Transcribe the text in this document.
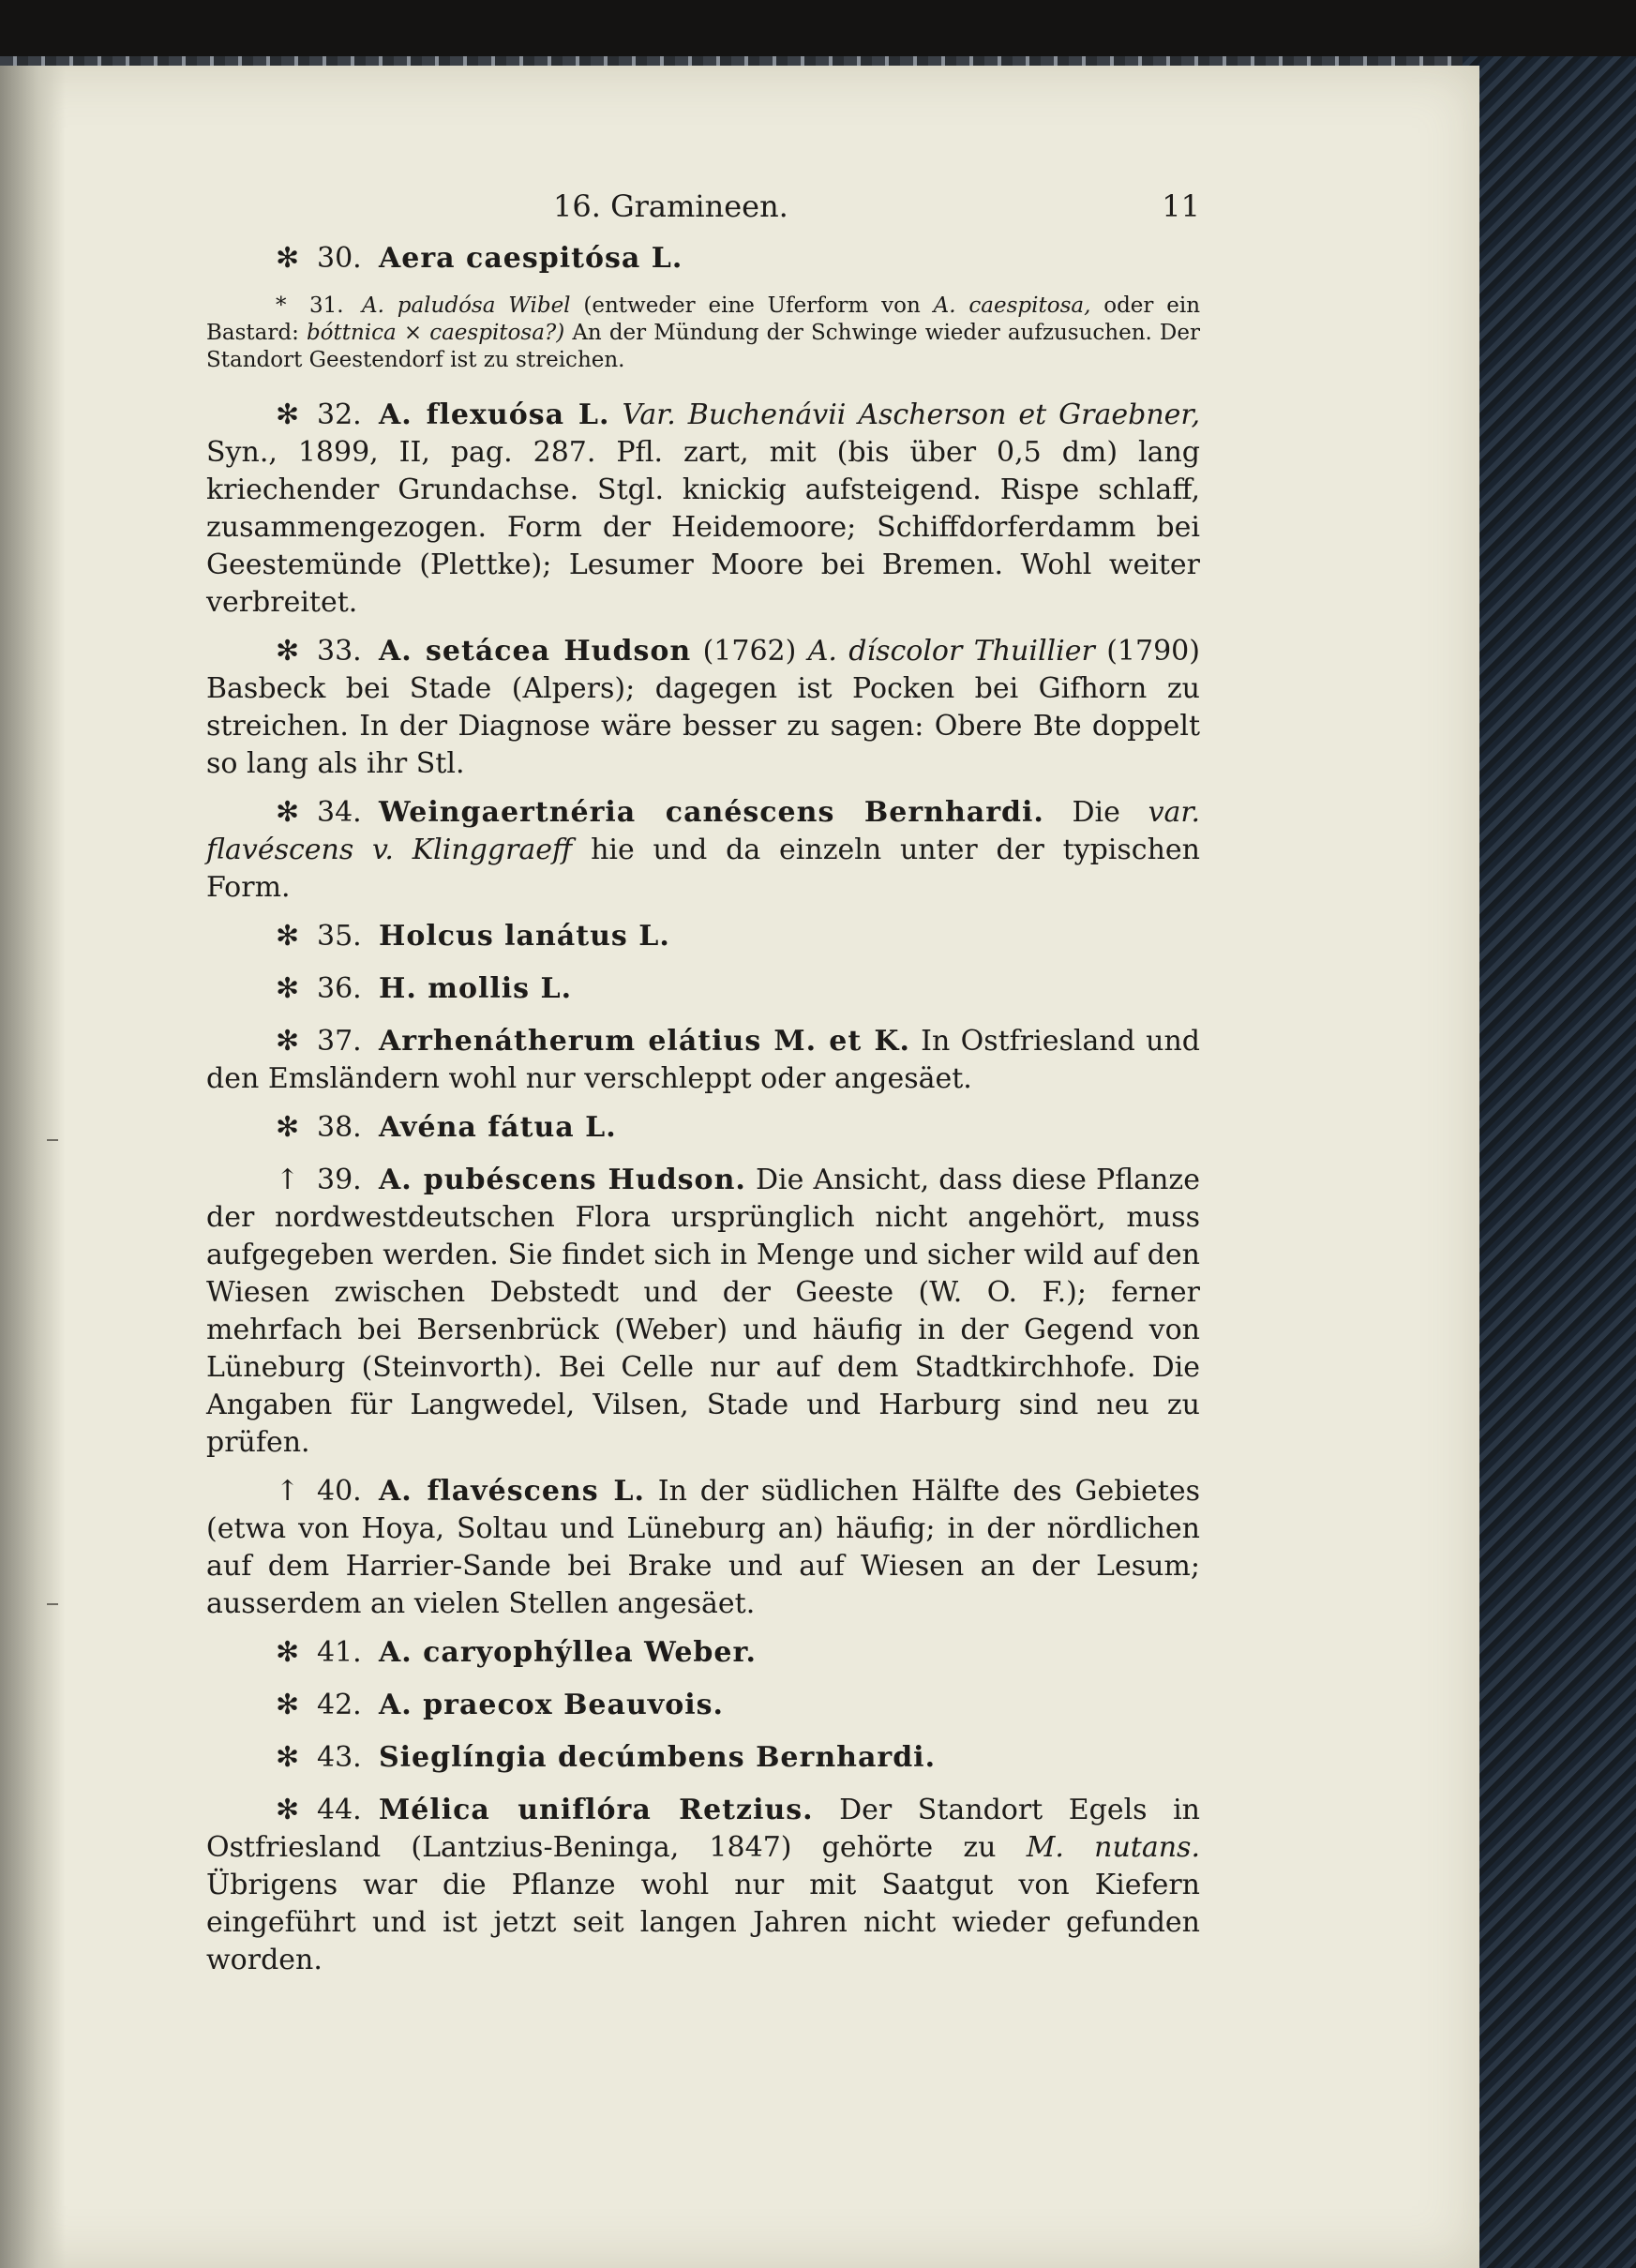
16. Gramineen.	11

✻ 30. Aera caespitósa L.

* 31. A. paludósa Wibel (entweder eine Uferform von A. caespitosa, oder ein Bastard: bóttnica × caespitosa?) An der Mündung der Schwinge wieder aufzusuchen. Der Standort Geestendorf ist zu streichen.

✻ 32. A. flexuósa L. Var. Buchenávii Ascherson et Graebner, Syn., 1899, II, pag. 287. Pfl. zart, mit (bis über 0,5 dm) lang kriechender Grundachse. Stgl. knickig aufsteigend. Rispe schlaff, zusammengezogen. Form der Heidemoore; Schiffdorferdamm bei Geestemünde (Plettke); Lesumer Moore bei Bremen. Wohl weiter verbreitet.

✻ 33. A. setácea Hudson (1762) A. díscolor Thuillier (1790) Basbeck bei Stade (Alpers); dagegen ist Pocken bei Gifhorn zu streichen. In der Diagnose wäre besser zu sagen: Obere Bte doppelt so lang als ihr Stl.

✻ 34. Weingaertnéria canéscens Bernhardi. Die var. flavéscens v. Klinggraeff hie und da einzeln unter der typischen Form.

✻ 35. Holcus lanátus L.

✻ 36. H. mollis L.

✻ 37. Arrhenátherum elátius M. et K. In Ostfriesland und den Emsländern wohl nur verschleppt oder angesäet.

✻ 38. Avéna fátua L.

↑ 39. A. pubéscens Hudson. Die Ansicht, dass diese Pflanze der nordwestdeutschen Flora ursprünglich nicht angehört, muss aufgegeben werden. Sie findet sich in Menge und sicher wild auf den Wiesen zwischen Debstedt und der Geeste (W. O. F.); ferner mehrfach bei Bersenbrück (Weber) und häufig in der Gegend von Lüneburg (Steinvorth). Bei Celle nur auf dem Stadtkirchhofe. Die Angaben für Langwedel, Vilsen, Stade und Harburg sind neu zu prüfen.

↑ 40. A. flavéscens L. In der südlichen Hälfte des Gebietes (etwa von Hoya, Soltau und Lüneburg an) häufig; in der nördlichen auf dem Harrier-Sande bei Brake und auf Wiesen an der Lesum; ausserdem an vielen Stellen angesäet.

✻ 41. A. caryophýllea Weber.

✻ 42. A. praecox Beauvois.

✻ 43. Sieglíngia decúmbens Bernhardi.

✻ 44. Mélica uniflóra Retzius. Der Standort Egels in Ostfriesland (Lantzius-Beninga, 1847) gehörte zu M. nutans. Übrigens war die Pflanze wohl nur mit Saatgut von Kiefern eingeführt und ist jetzt seit langen Jahren nicht wieder gefunden worden.
